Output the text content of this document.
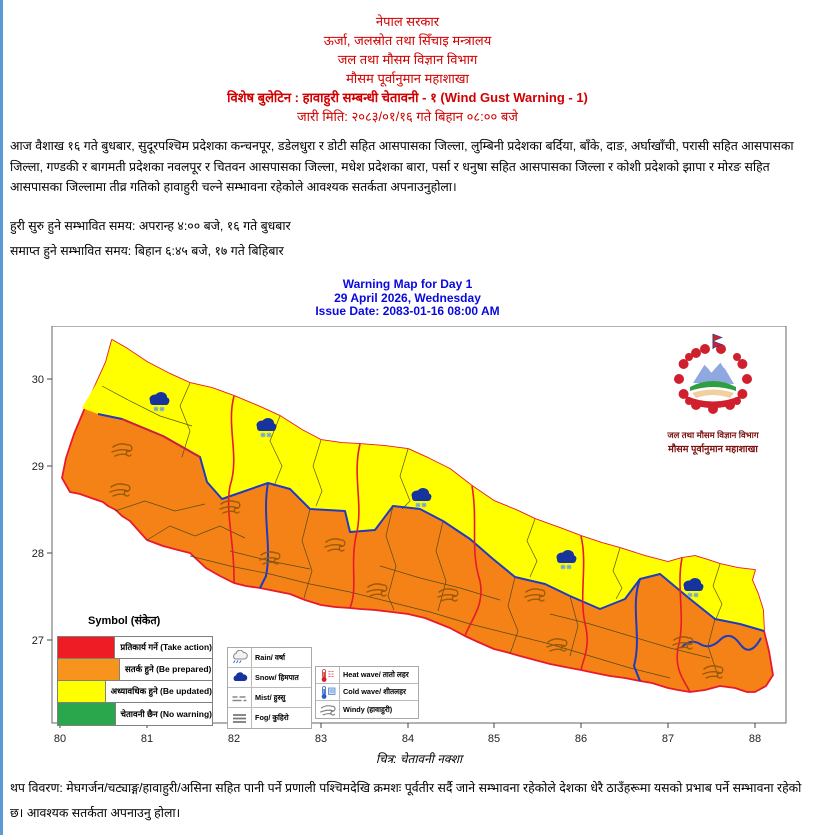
नेपाल सरकार
ऊर्जा, जलस्रोत तथा सिँचाइ मन्त्रालय
जल तथा मौसम विज्ञान विभाग
मौसम पूर्वानुमान महाशाखा
विशेष बुलेटिन : हावाहुरी सम्बन्धी चेतावनी - १ (Wind Gust Warning - 1)
जारी मिति: २०८३/०१/१६ गते बिहान ०८:०० बजे
आज वैशाख १६ गते बुधबार, सुदूरपश्चिम प्रदेशका कन्चनपूर, डडेलधुरा र डोटी सहित आसपासका जिल्ला, लुम्बिनी प्रदेशका बर्दिया, बाँके, दाङ, अर्घाखाँची, परासी सहित आसपासका जिल्ला, गण्डकी र बागमती प्रदेशका नवलपूर र चितवन आसपासका जिल्ला, मधेश प्रदेशका बारा, पर्सा र धनुषा सहित आसपासका जिल्ला र कोशी प्रदेशको झापा र मोरङ सहित आसपासका जिल्लामा तीव्र गतिको हावाहुरी चल्ने सम्भावना रहेकोले आवश्यक सतर्कता अपनाउनुहोला।
हुरी सुरु हुने सम्भावित समय: अपरान्ह ४:०० बजे, १६ गते बुधबार
समाप्त हुने सम्भावित समय: बिहान ६:४५ बजे, १७ गते बिहिबार
Warning Map for Day 1
29 April 2026, Wednesday
Issue Date: 2083-01-16 08:00 AM
जल तथा मौसम विज्ञान विभाग
मौसम पूर्वानुमान महाशाखा
80	81	82	83	84	85	86	87	88
30
29
28
27
Symbol (संकेत)
प्रतिकार्य गर्ने (Take action)
सतर्क हुने (Be prepared)
अध्यावधिक हुने (Be updated)
चेतावनी छैन (No warning)
Rain/ वर्षा
Snow/ हिमपात
Mist/ हुस्सु
Fog/ कुहिरो
Heat wave/ तातो लहर
Cold wave/ शीतलहर
Windy (हावाहुरी)
चित्र: चेतावनी नक्शा
थप विवरण: मेघगर्जन/चट्याङ्ग/हावाहुरी/असिना सहित पानी पर्ने प्रणाली पश्चिमदेखि क्रमशः पूर्वतीर सर्दै जाने सम्भावना रहेकोले देशका धेरै ठाउँहरूमा यसको प्रभाब पर्ने सम्भावना रहेको छ। आवश्यक सतर्कता अपनाउनु होला।
